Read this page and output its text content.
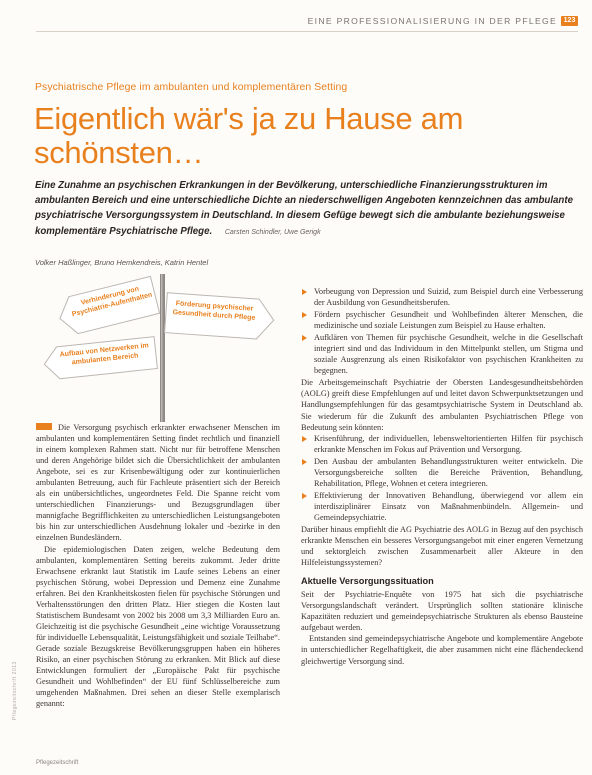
EINE PROFESSIONALISIERUNG IN DER PFLEGE 123
Psychiatrische Pflege im ambulanten und komplementären Setting
Eigentlich wär's ja zu Hause am schönsten…
Eine Zunahme an psychischen Erkrankungen in der Bevölkerung, unterschiedliche Finanzierungsstrukturen im ambulanten Bereich und eine unterschiedliche Dichte an niederschwelligen Angeboten kennzeichnen das ambulante psychiatrische Versorgungssystem in Deutschland. In diesem Gefüge bewegt sich die ambulante beziehungsweise komplementäre Psychiatrische Pflege. Carsten Schindler, Uwe Gerigk
Volker Haßlinger, Bruno Hemkendreis, Katrin Hentel
Verhinderung von Psychiatrie-Aufenthalten	Förderung psychischer Gesundheit durch Pflege
Aufbau von Netzwerken im ambulanten Bereich

Die Versorgung psychisch erkrankter erwachsener Menschen im ambulanten und komplementären Setting findet rechtlich und finanziell in einem komplexen Rahmen statt. Nicht nur für betroffene Menschen und deren Angehörige bildet sich die Übersichtlichkeit der ambulanten Angebote, sei es zur Krisenbewältigung oder zur kontinuierlichen ambulanten Betreuung, auch für Fachleute präsentiert sich der Bereich als ein unübersichtliches, ungeordnetes Feld. Die Spanne reicht vom unterschiedlichen Finanzierungs- und Bezugsgrundlagen über mannigfache Begrifflichkeiten zu unterschiedlichen Leistungsangeboten bis hin zur unterschiedlichen Ausdehnung lokaler und -bezirke in den einzelnen Bundesländern.

Die epidemiologischen Daten zeigen, welche Bedeutung dem ambulanten, komplementären Setting bereits zukommt. Jeder dritte Erwachsene erkrankt laut Statistik im Laufe seines Lebens an einer psychischen Störung, wobei Depression und Demenz eine Zunahme erfahren. Bei den Krankheitskosten fielen für psychische Störungen und Verhaltensstörungen den dritten Platz. Hier stiegen die Kosten laut Statistischem Bundesamt von 2002 bis 2008 um 3,3 Milliarden Euro an. Gleichzeitig ist die psychische Gesundheit „eine wichtige Voraussetzung für individuelle Lebensqualität, Leistungsfähigkeit und soziale Teilhabe“. Gerade soziale Bezugskreise Bevölkerungsgruppen haben ein höheres Risiko, an einer psychischen Störung zu erkranken. Mit Blick auf diese Entwicklungen formuliert der „Europäische Pakt für psychische Gesundheit und Wohlbefinden“ der EU fünf Schlüsselbereiche zum umgehenden Maßnahmen. Drei sehen an dieser Stelle exemplarisch genannt:

Vorbeugung von Depression und Suizid, zum Beispiel durch eine Verbesserung der Ausbildung von Gesundheitsberufen.
Fördern psychischer Gesundheit und Wohlbefinden älterer Menschen, die medizinische und soziale Leistungen zum Beispiel zu Hause erhalten.
Aufklären von Themen für psychische Gesundheit, welche in die Gesellschaft integriert sind und das Individuum in den Mittelpunkt stellen, um Stigma und soziale Ausgrenzung als einen Risikofaktor von psychischen Krankheiten zu begegnen.

Die Arbeitsgemeinschaft Psychiatrie der Obersten Landesgesundheitsbehörden (AOLG) greift diese Empfehlungen auf und leitet davon Schwerpunktsetzungen und Handlungsempfehlungen für das gesamtpsychiatrische System in Deutschland ab. Sie wiederum für die Zukunft des ambulanten Psychiatrischen Pflege von Bedeutung sein könnten:

Krisenführung, der individuellen, lebensweltorientierten Hilfen für psychisch erkrankte Menschen im Fokus auf Prävention und Versorgung.
Den Ausbau der ambulanten Behandlungsstrukturen weiter entwickeln. Die Versorgungsbereiche sollten die Bereiche Prävention, Behandlung, Rehabilitation, Pflege, Wohnen et cetera integrieren.
Effektivierung der Innovativen Behandlung, überwiegend vor allem ein interdisziplinärer Einsatz von Maßnahmenbündeln. Allgemein- und Gemeindepsychiatrie.

Darüber hinaus empfiehlt die AG Psychiatrie des AOLG in Bezug auf den psychisch erkrankte Menschen ein besseres Versorgungsangebot mit einer engeren Vernetzung und sektorgleich zwischen Zusammenarbeit aller Akteure in den Hilfeleistungssystemen?

Aktuelle Versorgungssituation

Seit der Psychiatrie-Enquête von 1975 hat sich die psychiatrische Versorgungslandschaft verändert. Ursprünglich sollten stationäre klinische Kapazitäten reduziert und gemeindepsychiatrische Strukturen als ebenso Bausteine aufgebaut werden.

Entstanden sind gemeindepsychiatrische Angebote und komplementäre Angebote in unterschiedlicher Regelhaftigkeit, die aber zusammen nicht eine flächendeckend gleichwertige Versorgung sind.

Pflegezeitschrift 2013
Pflegezeitschrift
